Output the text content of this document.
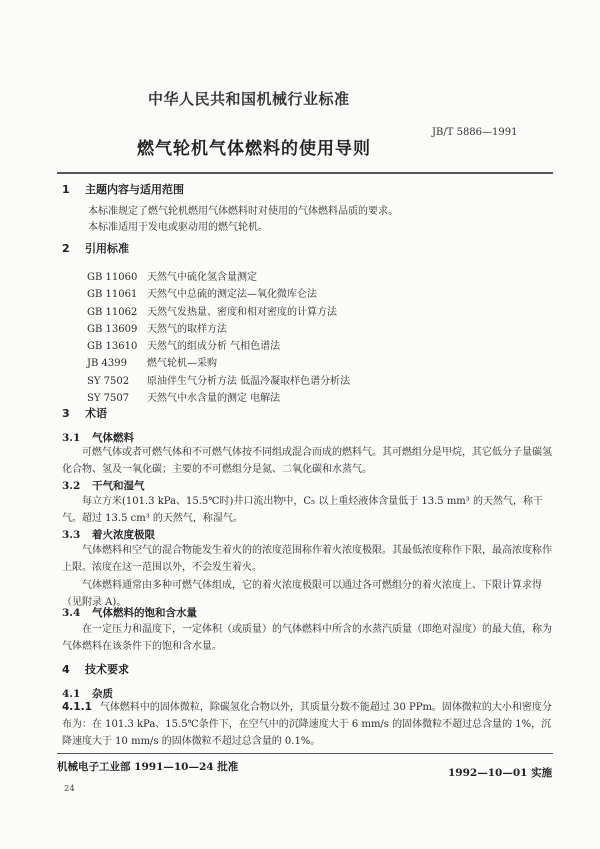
中华人民共和国机械行业标准
JB/T 5886—1991
燃气轮机气体燃料的使用导则
1 主题内容与适用范围
本标准规定了燃气轮机燃用气体燃料时对使用的气体燃料品质的要求。
本标准适用于发电或驱动用的燃气轮机。
2 引用标准
GB 11060 天然气中硫化氢含量测定
GB 11061 天然气中总硫的测定法—氧化微库仑法
GB 11062 天然气发热量、密度和相对密度的计算方法
GB 13609 天然气的取样方法
GB 13610 天然气的组成分析 气相色谱法
JB 4399 燃气轮机—采购
SY 7502 原油伴生气分析方法 低温冷凝取样色谱分析法
SY 7507 天然气中水含量的测定 电解法
3 术语
3.1 气体燃料
可燃气体或者可燃气体和不可燃气体按不同组成混合而成的燃料气。其可燃组分是甲烷，其它低分子量碳氢化合物、氢及一氧化碳；主要的不可燃组分是氮、二氧化碳和水蒸气。
3.2 干气和湿气
每立方米(101.3 kPa、15.5℃时)井口流出物中，C₅ 以上重烃液体含量低于 13.5 mm³ 的天然气，称干气。超过 13.5 cm³ 的天然气，称湿气。
3.3 着火浓度极限
气体燃料和空气的混合物能发生着火的的浓度范围称作着火浓度极限。其最低浓度称作下限，最高浓度称作上限。浓度在这一范围以外，不会发生着火。
气体燃料通常由多种可燃气体组成，它的着火浓度极限可以通过各可燃组分的着火浓度上、下限计算求得（见附录 A)。
3.4 气体燃料的饱和含水量
在一定压力和温度下，一定体积（或质量）的气体燃料中所含的水蒸汽质量（即绝对湿度）的最大值，称为气体燃料在该条件下的饱和含水量。
4 技术要求
4.1 杂质
4.1.1 气体燃料中的固体微粒，除碳氢化合物以外，其质量分数不能超过 30 PPm。固体微粒的大小和密度分布为：在 101.3 kPa、15.5℃条件下，在空气中的沉降速度大于 6 mm/s 的固体微粒不超过总含量的 1%，沉降速度大于 10 mm/s 的固体微粒不超过总含量的 0.1%。
机械电子工业部 1991—10—24 批准	1992—10—01 实施
24
